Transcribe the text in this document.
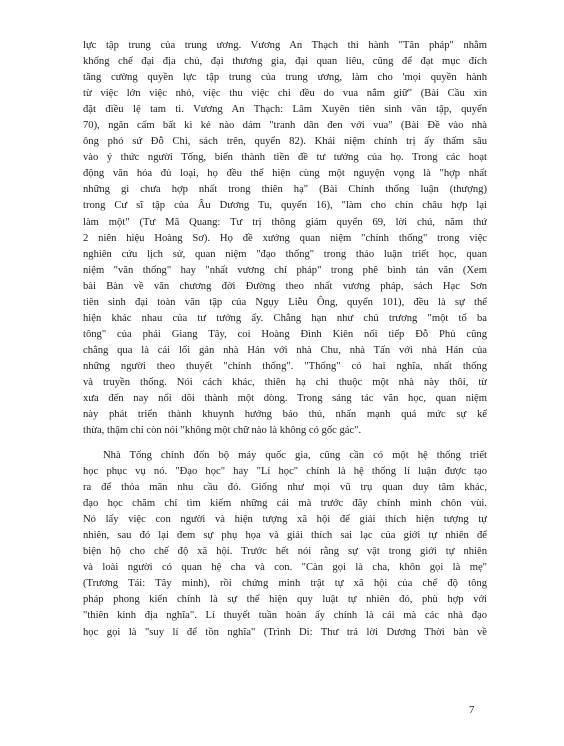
lực tập trung của trung ương. Vương An Thạch thi hành "Tân pháp" nhằm
khống chế đại địa chủ, đại thương gia, đại quan liêu, cũng để đạt mục đích
tăng cường quyền lực tập trung của trung ương, làm cho 'mọi quyền hành
từ việc lớn việc nhỏ, việc thu việc chi đều do vua nắm giữ" (Bài Cầu xin
đặt điều lệ tam ti. Vương An Thạch: Lâm Xuyên tiên sinh văn tập, quyển
70), ngăn cấm bất kì kẻ nào dám "tranh dân đen với vua" (Bài Đề vào nhà
ông phó sứ Đỗ Chỉ, sách trên, quyển 82). Khái niệm chính trị ấy thấm sâu
vào ý thức người Tống, biến thành tiền đề tư tưởng của họ. Trong các hoạt
động văn hóa đủ loại, họ đều thể hiện cùng một nguyện vọng là "hợp nhất
những gì chưa hợp nhất trong thiên hạ" (Bài Chính thống luận (thượng)
trong Cư sĩ tập của Âu Dương Tu, quyển 16), "làm cho chín châu hợp lại
làm một" (Tư Mã Quang: Tư trị thông giám quyển 69, lời chú, năm thứ
2 niên hiệu Hoàng Sơ). Họ đề xướng quan niệm "chính thống" trong việc
nghiên cứu lịch sử, quan niệm "đạo thống" trong thảo luận triết học, quan
niệm "văn thống" hay "nhất vương chỉ pháp" trong phê bình tản văn (Xem
bài Bàn về văn chương đời Đường theo nhất vương pháp, sách Hạc Sơn
tiên sinh đại toàn văn tập của Ngụy Liễu Ông, quyển 101), đều là sự thể
hiện khác nhau của tư tưởng ấy. Chẳng hạn như chủ trương "một tổ ba
tông" của phái Giang Tây, coi Hoàng Đình Kiên nối tiếp Đỗ Phủ cũng
chẳng qua là cái lối gán nhà Hán với nhà Chu, nhà Tấn với nhà Hán của
những người theo thuyết "chính thống". "Thống" có hai nghĩa, nhất thống
và truyền thống. Nói cách khác, thiên hạ chỉ thuộc một nhà này thôi, từ
xưa đến nay nối dõi thành một dòng. Trong sáng tác văn học, quan niệm
này phát triển thành khuynh hướng bảo thủ, nhấn mạnh quá mức sự kế
thừa, thậm chí còn nói "không một chữ nào là không có gốc gác".
Nhà Tống chỉnh đốn bộ máy quốc gia, cũng cần có một hệ thống triết
học phục vụ nó. "Đạo học" hay "Lí học" chính là hệ thống lí luận được tạo
ra để thỏa mãn nhu cầu đó. Giống như mọi vũ trụ quan duy tâm khác,
đạo học chăm chỉ tìm kiếm những cái mà trước đây chính mình chôn vùi.
Nó lấy việc con người và hiện tượng xã hội để giải thích hiện tượng tự
nhiên, sau đó lại đem sự phụ họa và giải thích sai lạc của giới tự nhiên để
biện hộ cho chế độ xã hội. Trước hết nói rằng sự vật trong giới tự nhiên
và loài người có quan hệ cha và con. "Càn gọi là cha, khôn gọi là mẹ"
(Trương Tái: Tây minh), rồi chứng minh trật tự xã hội của chế độ tông
pháp phong kiến chính là sự thể hiện quy luật tự nhiên đó, phù hợp với
"thiên kinh địa nghĩa". Lí thuyết tuần hoàn ấy chính là cái mà các nhà đạo
học gọi là "suy lí để tồn nghĩa" (Trình Di: Thư trả lời Dương Thời bàn về
7
